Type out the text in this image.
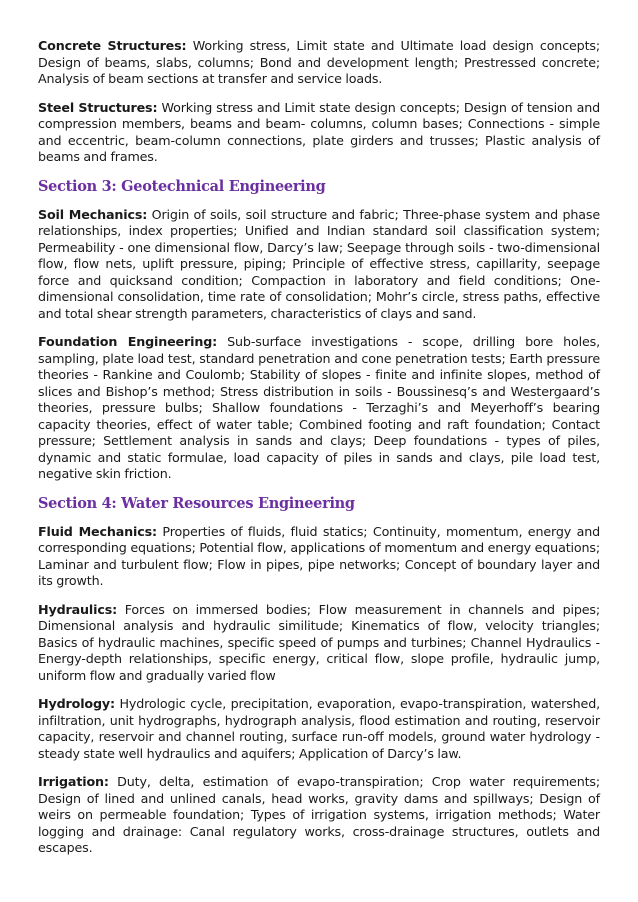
Concrete Structures: Working stress, Limit state and Ultimate load design concepts; Design of beams, slabs, columns; Bond and development length; Prestressed concrete; Analysis of beam sections at transfer and service loads.

Steel Structures: Working stress and Limit state design concepts; Design of tension and compression members, beams and beam- columns, column bases; Connections - simple and eccentric, beam-column connections, plate girders and trusses; Plastic analysis of beams and frames.

Section 3: Geotechnical Engineering

Soil Mechanics: Origin of soils, soil structure and fabric; Three-phase system and phase relationships, index properties; Unified and Indian standard soil classification system; Permeability - one dimensional flow, Darcy’s law; Seepage through soils - two-dimensional flow, flow nets, uplift pressure, piping; Principle of effective stress, capillarity, seepage force and quicksand condition; Compaction in laboratory and field conditions; One-dimensional consolidation, time rate of consolidation; Mohr’s circle, stress paths, effective and total shear strength parameters, characteristics of clays and sand.

Foundation Engineering: Sub-surface investigations - scope, drilling bore holes, sampling, plate load test, standard penetration and cone penetration tests; Earth pressure theories - Rankine and Coulomb; Stability of slopes - finite and infinite slopes, method of slices and Bishop’s method; Stress distribution in soils - Boussinesq’s and Westergaard’s theories, pressure bulbs; Shallow foundations - Terzaghi’s and Meyerhoff’s bearing capacity theories, effect of water table; Combined footing and raft foundation; Contact pressure; Settlement analysis in sands and clays; Deep foundations - types of piles, dynamic and static formulae, load capacity of piles in sands and clays, pile load test, negative skin friction.

Section 4: Water Resources Engineering

Fluid Mechanics: Properties of fluids, fluid statics; Continuity, momentum, energy and corresponding equations; Potential flow, applications of momentum and energy equations; Laminar and turbulent flow; Flow in pipes, pipe networks; Concept of boundary layer and its growth.

Hydraulics: Forces on immersed bodies; Flow measurement in channels and pipes; Dimensional analysis and hydraulic similitude; Kinematics of flow, velocity triangles; Basics of hydraulic machines, specific speed of pumps and turbines; Channel Hydraulics - Energy-depth relationships, specific energy, critical flow, slope profile, hydraulic jump, uniform flow and gradually varied flow

Hydrology: Hydrologic cycle, precipitation, evaporation, evapo-transpiration, watershed, infiltration, unit hydrographs, hydrograph analysis, flood estimation and routing, reservoir capacity, reservoir and channel routing, surface run-off models, ground water hydrology - steady state well hydraulics and aquifers; Application of Darcy’s law.

Irrigation: Duty, delta, estimation of evapo-transpiration; Crop water requirements; Design of lined and unlined canals, head works, gravity dams and spillways; Design of weirs on permeable foundation; Types of irrigation systems, irrigation methods; Water logging and drainage: Canal regulatory works, cross-drainage structures, outlets and escapes.
